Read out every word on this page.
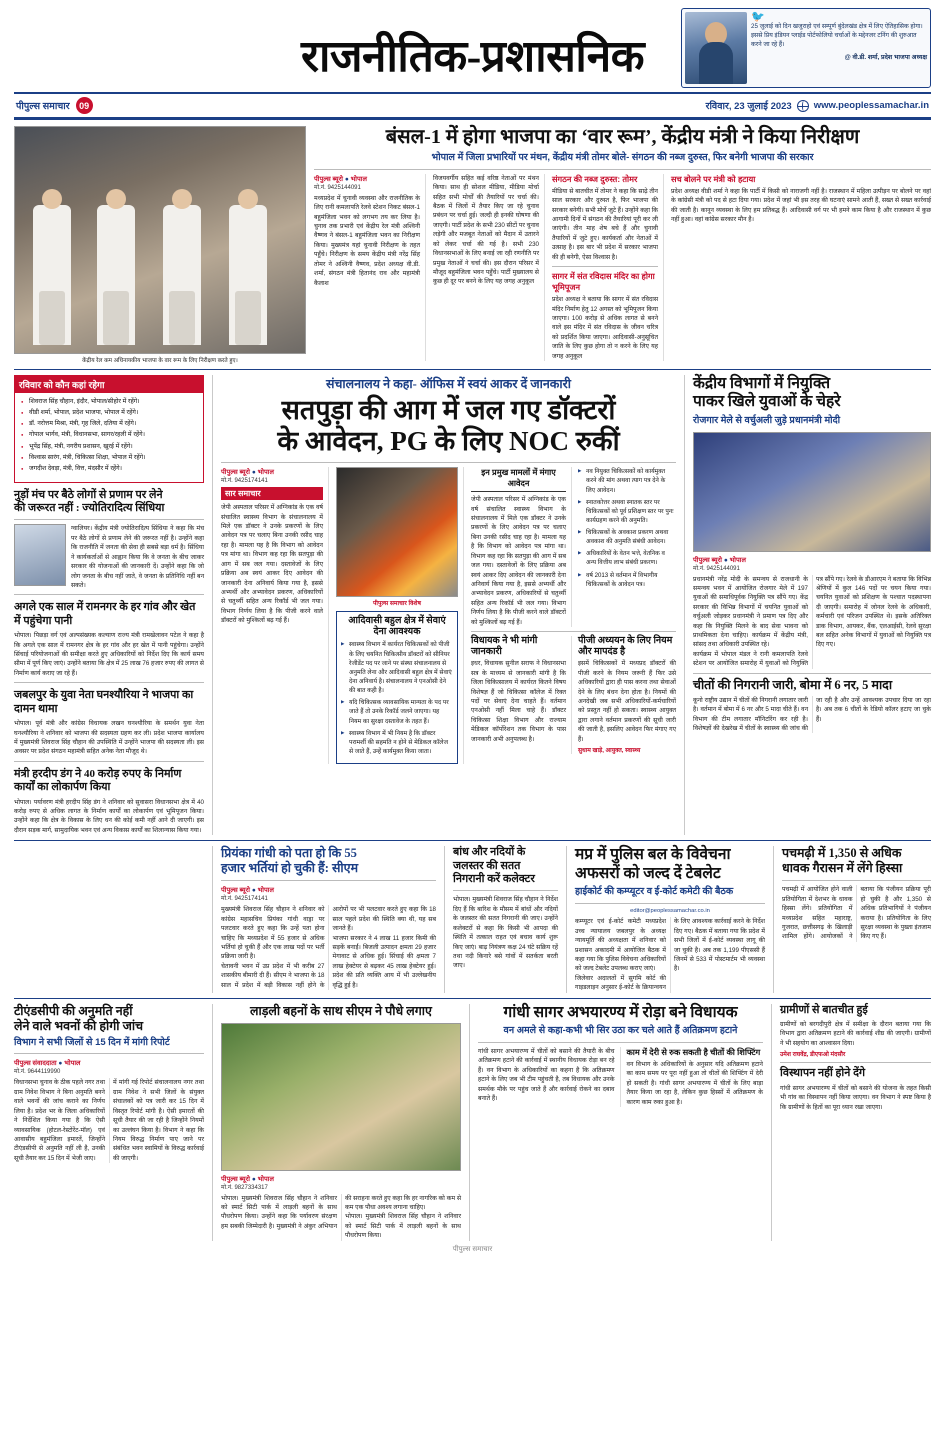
राजनीतिक-प्रशासनिक
🐦
25 जुलाई को दिन खजुराहो एवं सम्पूर्ण बुंदेलखंड क्षेत्र में लिए ऐतिहासिक होगा। इससे प्रिय इंडियन प्लाईड पोर्टफोलियो चर्चाओं के मद्देनजर टनिंग की शुरुआत करने जा रहे हैं।
@ वी.डी. शर्मा, प्रदेश भाजपा अध्यक्ष
पीपुल्स समाचार	09	रविवार, 23 जुलाई 2023 www.peoplessamachar.in
केंद्रीय रेल कम अधिनायकीय भाजपा के वार रूम के लिए निरीक्षण करते हुए।
बंसल-1 में होगा भाजपा का ‘वार रूम’, केंद्रीय मंत्री ने किया निरीक्षण
भोपाल में जिला प्रभारियों पर मंथन, केंद्रीय मंत्री तोमर बोले- संगठन की नब्ज दुरुस्त, फिर बनेगी भाजपा की सरकार
पीपुल्स ब्यूरो ● भोपाल
मो.नं. 9425144091
मध्यप्रदेश में चुनावी व्यवस्था और राजनीतिक के लिए रानी कमलापति रेलवे स्टेशन निकट बंसल-1 बहुमंजिला भवन को लगभग तय कर लिया है। चुनाव तक प्रभारी एवं केंद्रीय रेल मंत्री अश्विनी वैष्णव ने बंसल-1 बहुमंजिला भवन का निरीक्षण किया। मुख्यमंत्र यहां चुनावी निरीक्षण के तहत पहुँचे। निरीक्षण के समय केंद्रीय मंत्री नरेंद्र सिंह तोमर ने अश्विनी वैष्णव, प्रदेश अध्यक्ष वी.डी. शर्मा, संगठन मंत्री हितानंद राव और महामंत्री कैलाश
विजयवर्गीय सहित कई वरिष्ठ नेताओं पर मंथन किया। साथ ही सोशल मीडिया, मीडिया मोर्चा सहित सभी मोर्चों की तैयारियों पर चर्चा की। बैठक में जिलों में तैयार किए जा रहे चुनाव प्रबंधन पर चर्चा हुई। जल्दी ही इनकी घोषणा की जाएगी। पार्टी प्रदेश के सभी 230 सीटों पर चुनाव लड़ेगी और मजबूत नेताओं को मैदान में उतारने को लेकर चर्चा की गई है। सभी 230 विधानसभाओं के लिए बनाई जा रही रणनीति पर प्रमुख नेताओं ने चर्चा की। इस दौरान परिसर में मौजूद बहुमंजिला भवन पहुँचे। पार्टी मुख्यालय से कुछ ही दूर पर बनने के लिए यह जगह अनुकूल
संगठन की नब्ज दुरुस्त: तोमर
मीडिया से बातचीत में तोमर ने कहा कि साढ़े तीन साल सरकार और दुरुस्त है, फिर भाजपा की सरकार बनेगी। सभी मोर्चे जुटे हैं। उन्होंने कहा कि आगामी दिनों में संगठन की तैयारियां पूरी कर ली जाएंगी। तीन माह शेष बचे हैं और चुनावी तैयारियों में जुटे हुए। कार्यकर्ता और नेताओं में उत्साह है। इस बार भी प्रदेश में सरकार भाजपा की ही बनेगी, ऐसा विश्वास है।
सागर में संत रविदास मंदिर का होगा भूमिपूजन
प्रदेश अध्यक्ष ने बताया कि सागर में संत रविदास मंदिर निर्माण हेतु 12 अगस्त को भूमिपूजन किया जाएगा। 100 करोड़ से अधिक लागत से बनने वाले इस मंदिर में संत रविदास के जीवन चरित्र को प्रदर्शित किया जाएगा। आदिवासी-अनुसूचित जाति के लिए कुछ होगा तो न करने के लिए यह जगह अनुकूल
सच बोलने पर मंत्री को हटाया
प्रदेश अध्यक्ष वीडी शर्मा ने कहा कि पार्टी में किसी को नाराजगी नहीं है। राजस्थान में महिला उत्पीड़न पर बोलने पर वहां के कांग्रेसी मंत्री को पद से हटा दिया गया। प्रदेश में जहां भी इस तरह की घटनाएं सामने आती हैं, सख्त से सख्त कार्रवाई की जाती है। कानून व्यवस्था के लिए हम प्रतिबद्ध हैं। आदिवासी वर्ग पर भी हमने काम किया है और राजस्थान में कुछ नहीं हुआ। वहां कांग्रेस सरकार मौन है।
रविवार को कौन कहां रहेगा
● शिवराज सिंह चौहान, इंदौर, भोपाल/सीहोर में रहेंगे।
● वीडी शर्मा, भोपाल, प्रदेश भाजपा, भोपाल में रहेंगे।
● डॉ. नरोत्तम मिश्रा, मंत्री, गृह जिले, दतिया में रहेंगे।
● गोपाल भार्गव, मंत्री, विधानसभा, सागर/रहली में रहेंगे।
● भूपेंद्र सिंह, मंत्री, नगरीय प्रशासन, खुरई में रहेंगे।
● विश्वास सारंग, मंत्री, चिकित्सा शिक्षा, भोपाल में रहेंगे।
● जगदीश देवड़ा, मंत्री, वित्त, मंदसौर में रहेंगे।
नुड़ों मंच पर बैठे लोगों से प्रणाम पर लेने
की जरूरत नहीं : ज्योतिरादित्य सिंधिया
ग्वालियर। केंद्रीय मंत्री ज्योतिरादित्य सिंधिया ने कहा कि मंच पर बैठे लोगों से प्रणाम लेने की जरूरत नहीं है। उन्होंने कहा कि राजनीति में जनता की सेवा ही सबसे बड़ा धर्म है। सिंधिया ने कार्यकर्ताओं से आह्वान किया कि वे जनता के बीच जाकर सरकार की योजनाओं की जानकारी दें। उन्होंने कहा कि जो लोग जनता के बीच नहीं जाते, वे जनता के प्रतिनिधि नहीं बन सकते।
अगले एक साल में रामनगर के हर गांव और खेत में पहुंचेगा पानी
भोपाल। पिछड़ा वर्ग एवं अल्पसंख्यक कल्याण राज्य मंत्री रामखेलावन पटेल ने कहा है कि अगले एक साल में रामनगर क्षेत्र के हर गांव और हर खेत में पानी पहुंचेगा। उन्होंने सिंचाई परियोजनाओं की समीक्षा करते हुए अधिकारियों को निर्देश दिए कि कार्य समय सीमा में पूर्ण किए जाएं। उन्होंने बताया कि क्षेत्र में 25 लाख 76 हजार रुपए की लागत से निर्माण कार्य कराए जा रहे हैं।
जबलपुर के युवा नेता घनश्यौरिया ने भाजपा का दामन थामा
भोपाल। पूर्व मंत्री और कांग्रेस विधायक लखन घनश्यौरिया के समर्थन युवा नेता घनश्यौरिया ने शनिवार को भाजपा की सदस्यता ग्रहण कर ली। प्रदेश भाजपा कार्यालय में मुख्यमंत्री शिवराज सिंह चौहान की उपस्थिति में उन्होंने भाजपा की सदस्यता ली। इस अवसर पर प्रदेश संगठन महामंत्री सहित अनेक नेता मौजूद थे।
मंत्री हरदीप डंग ने 40 करोड़ रुपए के निर्माण कार्यों का लोकार्पण किया
भोपाल। पर्यावरण मंत्री हरदीप सिंह डंग ने शनिवार को सुवासरा विधानसभा क्षेत्र में 40 करोड़ रुपए से अधिक लागत के निर्माण कार्यों का लोकार्पण एवं भूमिपूजन किया। उन्होंने कहा कि क्षेत्र के विकास के लिए धन की कोई कमी नहीं आने दी जाएगी। इस दौरान सड़क मार्ग, सामुदायिक भवन एवं अन्य विकास कार्यों का शिलान्यास किया गया।
संचालनालय ने कहा- ऑफिस में स्वयं आकर दें जानकारी
सतपुड़ा की आग में जल गए डॉक्टरों
के आवेदन, PG के लिए NOC रुकीं
पीपुल्स ब्यूरो ● भोपाल
मो.नं. 9425174141
सार समाचार
जेपी अस्पताल परिसर में अग्निकांड के एक वर्ष संचालित स्वास्थ्य विभाग के संचालनालय में मिले एक डॉक्टर ने उनके प्रकरणों के लिए आवेदन पत्र पर चलाए बिना उनकी रसीद चाह रहा है। मामला यह है कि विभाग को आवेदन पत्र मांगा था। विभाग कह रहा कि सतपुड़ा की आग में सब जल गया। दस्तावेजों के लिए प्रक्रिया अब स्वयं आकर दिए आवेदन की जानकारी देना अनिवार्य किया गया है, इससे अभ्यर्थी और अभ्यावेदन प्रकरण, अधिकारियों से चतुर्थ्यी सहित अन्य रिकॉर्ड भी जल गया। विभाग निर्णय लिया है कि पीजी करने वाले डॉक्टरों को मुश्किलों बढ़ गई हैं।
पीपुल्स समाचार विशेष
आदिवासी बहुल क्षेत्र में सेवाएं देना आवश्यक
▶ स्वास्थ्य विभाग में कार्यरत चिकित्सकों को पीजी के लिए चयनित चिकित्सीय डॉक्टरों को सीनियर रेजीडेंट पद पर जाने पर संस्था संचालनालय से अनुमति लेना और आदिवासी बहुल क्षेत्र में सेवाएं देना अनिवार्य है। संचालनालय ने एनओसी देने की बात कही है।
▶ यदि चिकित्सक व्यावसायिक मान्यता के पद पर जाते हैं तो उनके रिकॉर्ड जलने जाएगा। यह नियम का सुरक्षा दस्तावेज के तहत हैं।
▶ स्वास्थ्य विभाग में भी नियम है कि डॉक्टर परामर्शी की सहमति न होने से मेडिकल कॉलेज से जाते हैं, उन्हें कार्यमुक्त किया जाता।
इन प्रमुख मामलों में मंगाए आवेदन
जेपी अस्पताल परिसर में अग्निकांड के एक वर्ष संचालित स्वास्थ्य विभाग के संचालनालय में मिले एक डॉक्टर ने उनके प्रकरणों के लिए आवेदन पत्र पर चलाए बिना उनकी रसीद चाह रहा है। मामला यह है कि विभाग को आवेदन पत्र मांगा था। विभाग कह रहा कि सतपुड़ा की आग में सब जल गया। दस्तावेजों के लिए प्रक्रिया अब स्वयं आकर दिए आवेदन की जानकारी देना अनिवार्य किया गया है, इससे अभ्यर्थी और अभ्यावेदन प्रकरण, अधिकारियों से चतुर्थ्यी सहित अन्य रिकॉर्ड भी जल गया। विभाग निर्णय लिया है कि पीजी करने वाले डॉक्टरों को मुश्किलों बढ़ गई हैं।
▶ नव नियुक्त चिकित्सकों को कार्यमुक्त करने की मांग अथवा त्याग पत्र देने के लिए आवेदन।
▶ स्नातकोत्तर अथवा स्नातक स्तर पर चिकित्सकों को पूर्व प्रशिक्षण स्तर पर पुनः कार्यग्रहण करने की अनुमति।
▶ चिकित्सकों के अवकाश प्रकरण अथवा अवकाश की अनुमति संबंधी आवेदन।
▶ अधिकारियों के वेतन भत्ते, वेतनिक व अन्य वित्तीय लाभ संबंधी प्रकरण।
▶ वर्ष 2013 से वर्तमान में विभागीय चिकित्सकों के आवेदन पत्र।
विधायक ने भी मांगी जानकारी
इधर, विधायक सुनील सराफ ने विधानसभा सत्र के माध्यम से जानकारी मांगी है कि जिला चिकित्सालय में कार्यरत कितने विषय विशेषज्ञ हैं जो चिकित्सा कॉलेज में रिक्त पदों पर सेवाएं देना चाहते हैं। वर्तमान एनओसी नहीं मिला चाहे हैं। डॉक्टर चिकित्सा शिक्षा विभाग और राज्याम मेडिकल कॉर्पोरेशन तक विभाग के पास जानकारी अभी अनुपलब्ध है।
पीजी अध्ययन के लिए नियम और मापदंड है
इसमें चिकित्सकों में मध्यप्रद डॉक्टरों की पीजी करने के नियम जरूरी हैं फिर उसे अधिकारियों द्वारा ही पास करना तथा सेवाओं देने के लिए बंधन देना होता है। नियमों की अनदेखी जब सभी अधिकारियों-कर्मचारियों को प्रस्तुत नहीं हो सकता। स्वास्थ्य आयुक्त द्वारा लगाने वर्तमान प्रकरणों की सूची जारी की जाती है, इसलिए आवेदन फिर मंगाए गए हैं।
सुधाम खाड़े, आयुक्त, स्वास्थ्य
केंद्रीय विभागों में नियुक्ति
पाकर खिले युवाओं के चेहरे
रोजगार मेले से वर्चुअली जुड़े प्रधानमंत्री मोदी
पीपुल्स ब्यूरो ● भोपाल
मो.नं. 9425144091
प्रधानमंत्री नरेंद्र मोदी के समन्वय से राजधानी के समन्वय भवन में आयोजित रोजगार मेले में 197 युवाओं की समाधिपूर्वक नियुक्ति पत्र सौंपे गए। केंद्र सरकार की विभिन्न विभागों में चयनित युवाओं को वर्चुअली जोड़कर प्रधानमंत्री ने प्रमाण पत्र दिए और कहा कि नियुक्ति मिलने के बाद सेवा भावना को प्राथमिकता देना चाहिए। कार्यक्रम में केंद्रीय मंत्री, सांसद तथा अधिकारी उपस्थित रहे।
कार्यक्रम में भोपाल मंडल ने रानी कमलापति रेलवे स्टेशन पर आयोजित समारोह में युवाओं को नियुक्ति पत्र सौंपे गए। रेलवे के डीआरएम ने बताया कि विभिन्न श्रेणियों में कुल 146 पदों पर चयन किया गया। चयनित युवाओं को प्रशिक्षण के पश्चात पदस्थापना दी जाएगी। समारोह में जोनल रेलवे के अधिकारी, कर्मचारी एवं परिजन उपस्थित थे। इसके अतिरिक्त डाक विभाग, आयकर, बैंक, एलआईसी, रेलवे सुरक्षा बल सहित अनेक विभागों में युवाओं को नियुक्ति पत्र दिए गए।
चीतों की निगरानी जारी, बोमा में 6 नर, 5 मादा
कूनो राष्ट्रीय उद्यान में चीतों की निगरानी लगातार जारी है। वर्तमान में बोमा में 6 नर और 5 मादा चीते हैं। वन विभाग की टीम लगातार मॉनिटरिंग कर रही है। विशेषज्ञों की देखरेख में चीतों के स्वास्थ्य की जांच की जा रही है और उन्हें आवश्यक उपचार दिया जा रहा है। अब तक 6 चीतों के रेडियो कॉलर हटाए जा चुके हैं।
प्रियंका गांधी को पता हो कि 55
हजार भर्तियां हो चुकी हैं: सीएम
पीपुल्स ब्यूरो ● भोपाल
मो.नं. 9425174141
मुख्यमंत्री शिवराज सिंह चौहान ने शनिवार को कांग्रेस महासचिव प्रियंका गांधी वाड्रा पर पलटवार करते हुए कहा कि उन्हें पता होना चाहिए कि मध्यप्रदेश में 55 हजार से अधिक भर्तियां हो चुकी हैं और एक लाख पदों पर भर्ती प्रक्रिया जारी है।
चेतावनी भवन में उप्र प्रदेश में भी करीब 27 शासकीय बीमारी दी हैं। सीएम ने भाजपा के 18 साल में प्रदेश में बड़ी विकास नहीं होने के आरोपों पर भी पलटवार करते हुए कहा कि 18 साल पहले प्रदेश की स्थिति क्या थी, यह सब जानते हैं।
भाजपा सरकार ने 4 लाख 11 हजार किमी की सड़कें बनाईं। बिजली उत्पादन क्षमता 29 हजार मेगावाट से अधिक हुई। सिंचाई की क्षमता 7 लाख हेक्टेयर से बढ़कर 45 लाख हेक्टेयर हुई। प्रदेश की प्रति व्यक्ति आय में भी उल्लेखनीय वृद्धि हुई है।
बांध और नदियों के
जलस्तर की सतत
निगरानी करें कलेक्टर
भोपाल। मुख्यमंत्री शिवराज सिंह चौहान ने निर्देश दिए हैं कि बारिश के मौसम में बांधों और नदियों के जलस्तर की सतत निगरानी की जाए। उन्होंने कलेक्टरों से कहा कि किसी भी आपदा की स्थिति में तत्काल राहत एवं बचाव कार्य शुरू किए जाएं। बाढ़ नियंत्रण कक्ष 24 घंटे सक्रिय रहें तथा नदी किनारे बसे गांवों में सतर्कता बरती जाए।
मप्र में पुलिस बल के विवेचना
अफसरों को जल्द दें टेबलेट
हाईकोर्ट की कम्प्यूटर व ई-कोर्ट कमेटी की बैठक
editor@peoplessamachar.co.in
कम्प्यूटर एवं ई-कोर्ट कमेटी मध्यप्रदेश उच्च न्यायालय जबलपुर के अध्यक्ष न्यायमूर्ति की अध्यक्षता में शनिवार को प्रशासन अकादमी में आयोजित बैठक में कहा गया कि पुलिस विवेचना अधिकारियों को जल्द टेबलेट उपलब्ध कराए जाएं।
जिलेवार अदालतों में सुगमि कोर्ट की गाइडलाइन अनुसार ई-कोर्ट के क्रियान्वयन के लिए आवश्यक कार्रवाई करने के निर्देश दिए गए। बैठक में बताया गया कि प्रदेश में सभी जिलों में ई-कोर्ट व्यवस्था लागू की जा चुकी है। अब तक 1,199 पीएससी हैं जिनमें से 533 में पोस्टमार्टम भी व्यवस्था है।
पचमढ़ी में 1,350 से अधिक धावक गैरासन में लेंगे हिस्सा
पचमढ़ी में आयोजित होने वाली प्रतियोगिता में देशभर के धावक हिस्सा लेंगे। प्रतियोगिता में मध्यप्रदेश सहित महाराष्ट्र, गुजरात, छत्तीसगढ़ के खिलाड़ी शामिल होंगे। आयोजकों ने बताया कि पंजीयन प्रक्रिया पूरी हो चुकी है और 1,350 से अधिक प्रतिभागियों ने पंजीयन कराया है। प्रतियोगिता के लिए सुरक्षा व्यवस्था के पुख्ता इंतजाम किए गए हैं।
टीएंडसीपी की अनुमति नहीं
लेने वाले भवनों की होगी जांच
विभाग ने सभी जिलों से 15 दिन में मांगी रिपोर्ट
पीपुल्स संवाददाता ● भोपाल
मो.नं. 9644119990
विधानसभा चुनाव के ठीक पहले नगर तथा ग्राम निवेश विभाग ने बिना अनुमति बनने वाले भवनों की जांच कराने का निर्णय लिया है। प्रदेश भर के जिला अधिकारियों ने निर्देशित किया गया है कि ऐसी व्यावसायिक (होटल-रेस्टोरेंट-मॉल) एवं आवासीय बहुमंजिला इमारतें, जिन्होंने टीएंडसीपी से अनुमति नहीं ली है, उनकी सूची तैयार कर 15 दिन में भेजी जाए।
में मांगी गई रिपोर्ट संचालनालय नगर तथा ग्राम निवेश ने सभी जिलों के संयुक्त संचालकों को पत्र जारी कर 15 दिन में विस्तृत रिपोर्ट मांगी है। ऐसी इमारतों की सूची तैयार की जा रही है जिन्होंने नियमों का उल्लंघन किया है। विभाग ने कहा कि नियम विरुद्ध निर्माण पाए जाने पर संबंधित भवन स्वामियों के विरुद्ध कार्रवाई की जाएगी।
लाड़ली बहनों के साथ सीएम ने पौधे लगाए
पीपुल्स ब्यूरो ● भोपाल
मो.नं. 9827334317
भोपाल। मुख्यमंत्री शिवराज सिंह चौहान ने शनिवार को स्मार्ट सिटी पार्क में लाड़ली बहनों के साथ पौधरोपण किया। उन्होंने कहा कि पर्यावरण संरक्षण हम सबकी जिम्मेदारी है। मुख्यमंत्री ने अंकुर अभियान की सराहना करते हुए कहा कि हर नागरिक को कम से कम एक पौधा अवश्य लगाना चाहिए।
भोपाल। मुख्यमंत्री शिवराज सिंह चौहान ने शनिवार को स्मार्ट सिटी पार्क में लाड़ली बहनों के साथ पौधरोपण किया।
गांधी सागर अभयारण्य में रोड़ा बने विधायक
वन अमले से कहा-कभी भी सिर उठा कर चले आते हैं अतिक्रमण हटाने
गांधी सागर अभयारण्य में चीतों को बसाने की तैयारी के बीच अतिक्रमण हटाने की कार्रवाई में स्थानीय विधायक रोड़ा बन रहे हैं। वन विभाग के अधिकारियों का कहना है कि अतिक्रमण हटाने के लिए जब भी टीम पहुंचती है, तब विधायक और उनके समर्थक मौके पर पहुंच जाते हैं और कार्रवाई रोकने का दबाव बनाते हैं।
काम में देरी से रुक सकती है चीतों की शिफ्टिंग
वन विभाग के अधिकारियों के अनुसार यदि अतिक्रमण हटाने का काम समय पर पूरा नहीं हुआ तो चीतों की शिफ्टिंग में देरी हो सकती है। गांधी सागर अभयारण्य में चीतों के लिए बाड़ा तैयार किया जा रहा है, लेकिन कुछ हिस्सों में अतिक्रमण के कारण काम रुका हुआ है।
ग्रामीणों से बातचीत हुई
ग्रामीणों को बरगदीपुरी क्षेत्र में समीक्षा के दौरान बताया गया कि विभाग द्वारा अतिक्रमण हटाने की कार्रवाई शीघ्र की जाएगी। ग्रामीणों ने भी सहयोग का आश्वासन दिया।
उमेश राघवेंद्र, डीएफओ मंदसौर
विस्थापन नहीं होने देंगे
गांधी सागर अभयारण्य में चीतों को बसाने की योजना के तहत किसी भी गांव का विस्थापन नहीं किया जाएगा। वन विभाग ने स्पष्ट किया है कि ग्रामीणों के हितों का पूरा ध्यान रखा जाएगा।
पीपुल्स समाचार
